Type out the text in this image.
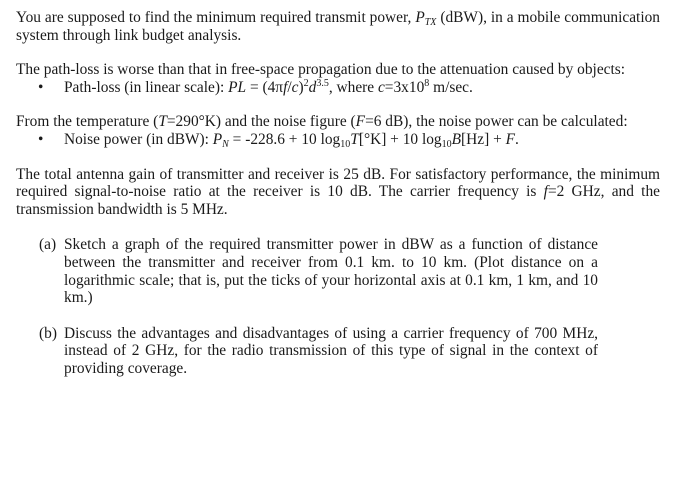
You are supposed to find the minimum required transmit power, $P_{TX}$ (dBW), in a mobile communication system through link budget analysis.

The path-loss is worse than that in free-space propagation due to the attenuation caused by objects:

•	Path-loss (in linear scale): PL = $(4\pi f/c)^2d^{3.5}$, where $c=3x10^8$ m/sec.

From the temperature (T=290°K) and the noise figure (F=6 dB), the noise power can be calculated:

•	Noise power (in dBW): $P_N = -228.6 + 10$ $\log_{10}T[^\circ K] + 10$ $\log_{10}B[Hz] + F$.

The total antenna gain of transmitter and receiver is 25 dB. For satisfactory performance, the minimum required signal-to-noise ratio at the receiver is 10 dB. The carrier frequency is f=2 GHz, and the transmission bandwidth is 5 MHz.

(a) Sketch a graph of the required transmitter power in dBW as a function of distance between the transmitter and receiver from 0.1 km. to 10 km. (Plot distance on a logarithmic scale; that is, put the ticks of your horizontal axis at 0.1 km, 1 km, and 10 km.)
(b) Discuss the advantages and disadvantages of using a carrier frequency of 700 MHz, instead of 2 GHz, for the radio transmission of this type of signal in the context of providing coverage.
